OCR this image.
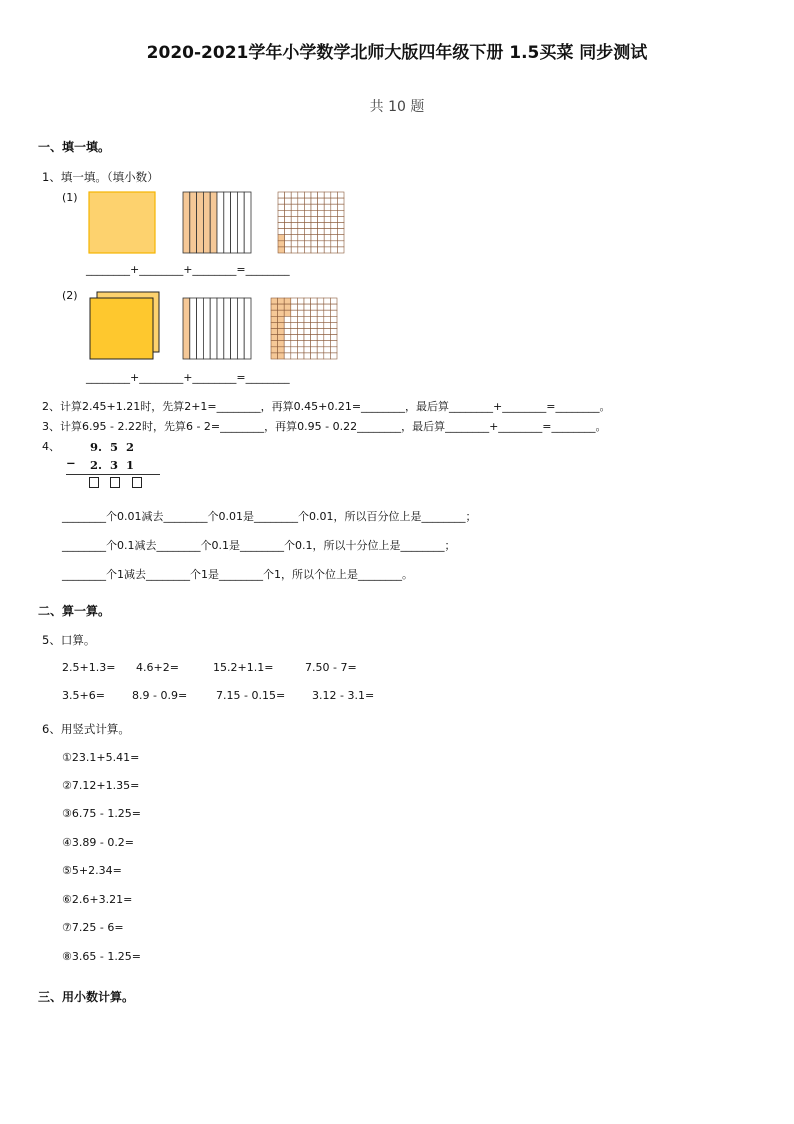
2020-2021学年小学数学北师大版四年级下册 1.5买菜 同步测试
共 10 题
一、填一填。
1、填一填。（填小数）
(1)
________+________+________=________
(2)
________+________+________=________
2、计算2.45+1.21时，先算2+1=________，再算0.45+0.21=________，最后算________+________=________。
3、计算6.95 - 2.22时，先算6 - 2=________，再算0.95 - 0.22________，最后算________+________=________。
4、	9. 5 2
− 2. 3 1
________个0.01减去________个0.01是________个0.01，所以百分位上是________；
________个0.1减去________个0.1是________个0.1，所以十分位上是________；
________个1减去________个1是________个1，所以个位上是________。
二、算一算。
5、口算。
2.5+1.3= 4.6+2=	15.2+1.1=	7.50 - 7=
3.5+6= 8.9 - 0.9=	7.15 - 0.15= 3.12 - 3.1=
6、用竖式计算。
①23.1+5.41=
②7.12+1.35=
③6.75 - 1.25=
④3.89 - 0.2=
⑤5+2.34=
⑥2.6+3.21=
⑦7.25 - 6=
⑧3.65 - 1.25=
三、用小数计算。
